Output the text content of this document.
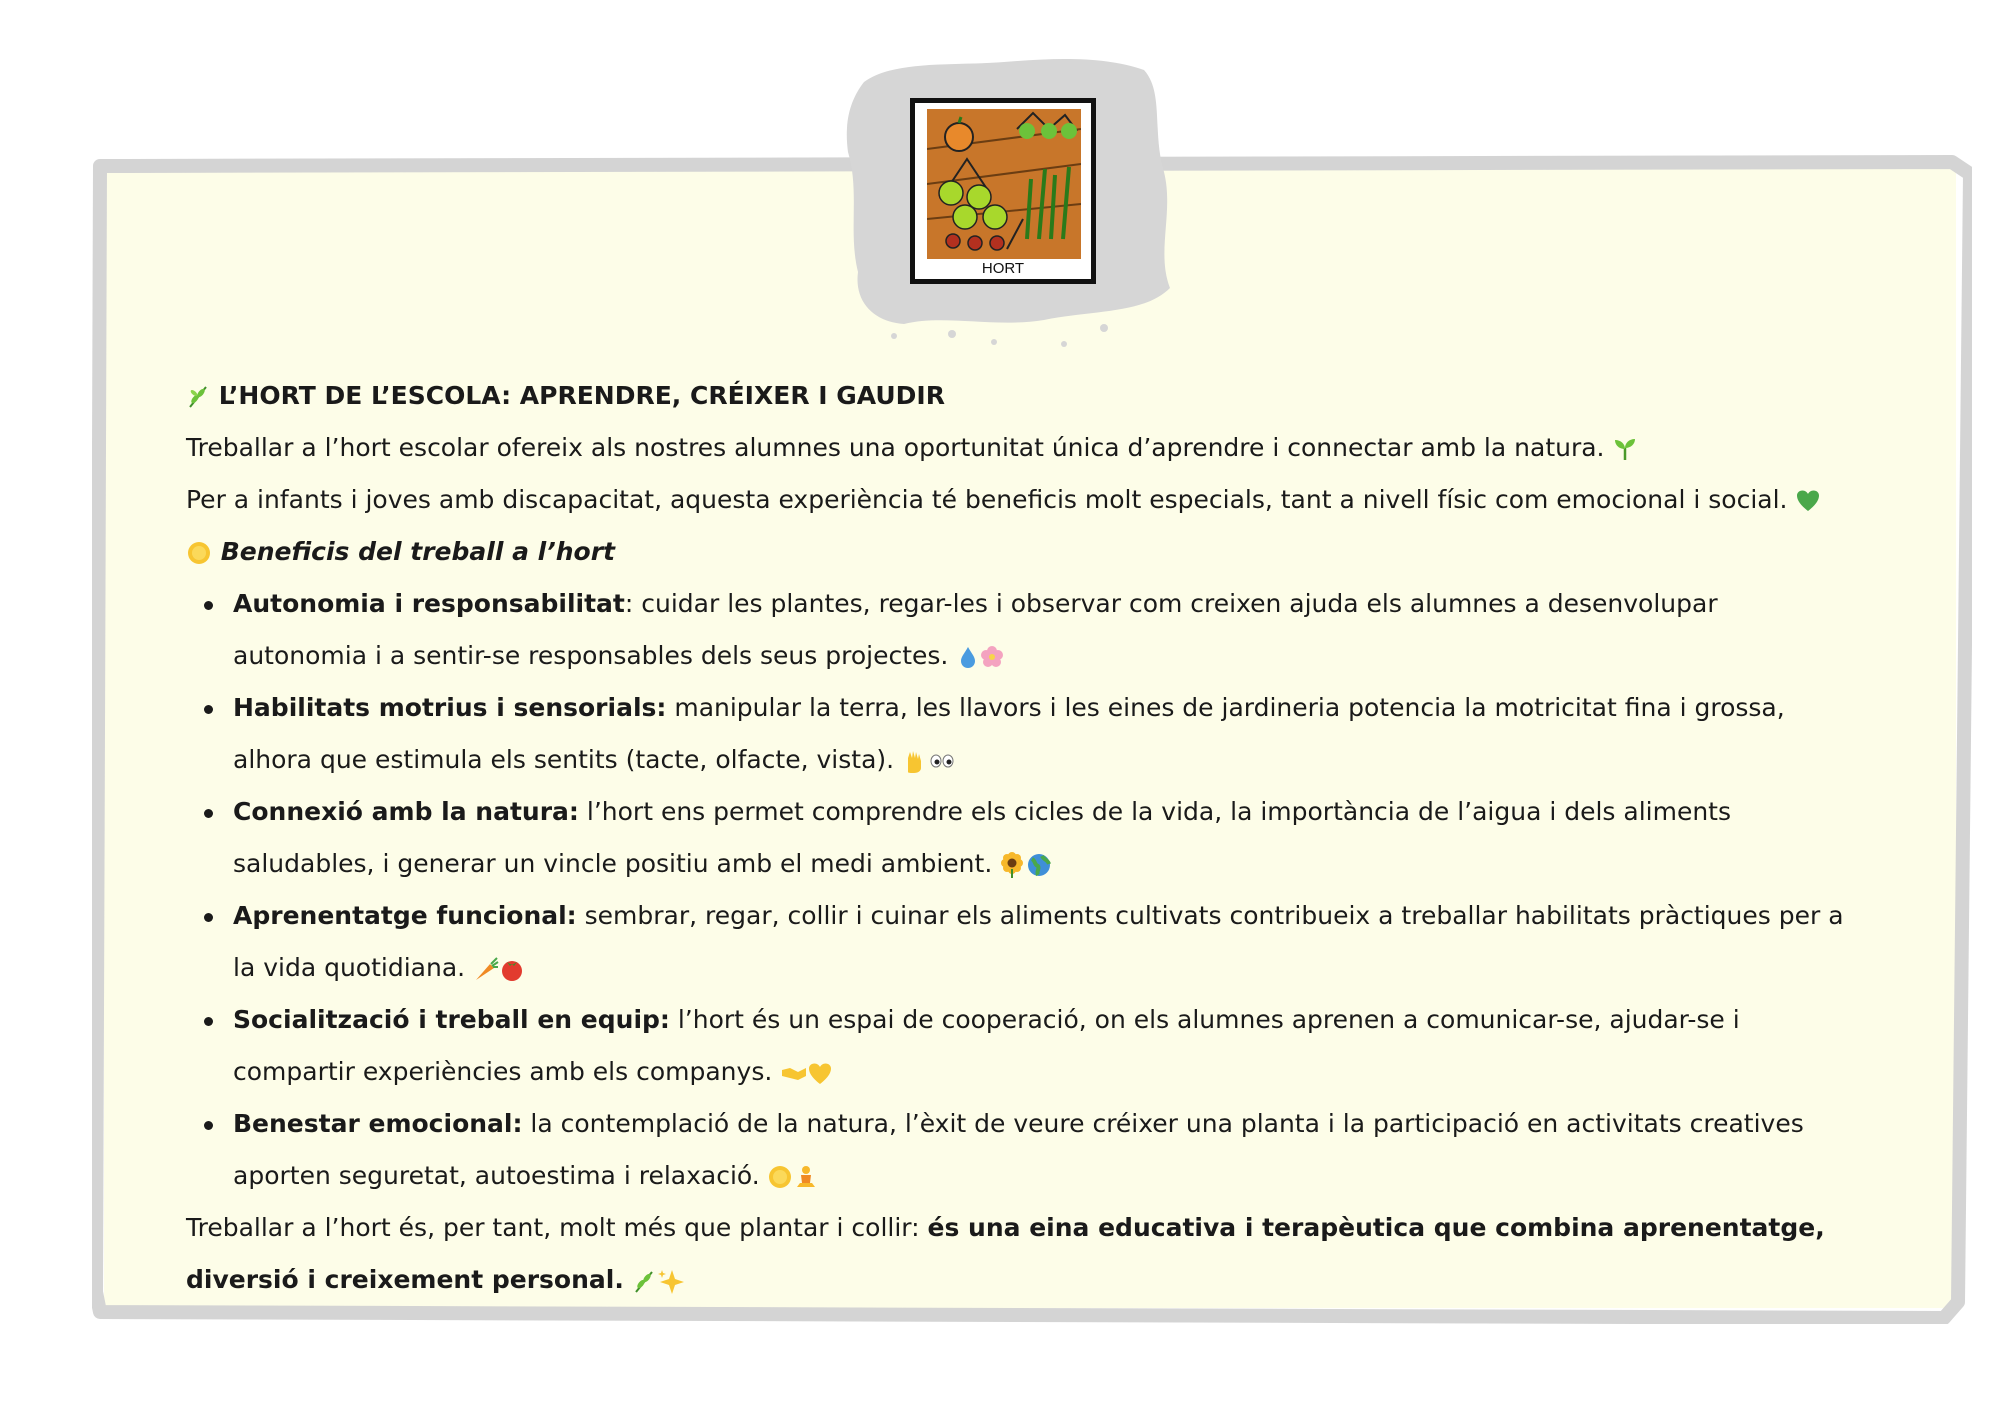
HORT
L’HORT DE L’ESCOLA: APRENDRE, CRÉIXER I GAUDIR
Treballar a l’hort escolar ofereix als nostres alumnes una oportunitat única d’aprendre i connectar amb la natura.
Per a infants i joves amb discapacitat, aquesta experiència té beneficis molt especials, tant a nivell físic com emocional i social.
Beneficis del treball a l’hort
Autonomia i responsabilitat: cuidar les plantes, regar-les i observar com creixen ajuda els alumnes a desenvolupar
autonomia i a sentir-se responsables dels seus projectes.
Habilitats motrius i sensorials: manipular la terra, les llavors i les eines de jardineria potencia la motricitat fina i grossa,
alhora que estimula els sentits (tacte, olfacte, vista).
Connexió amb la natura: l’hort ens permet comprendre els cicles de la vida, la importància de l’aigua i dels aliments
saludables, i generar un vincle positiu amb el medi ambient.
Aprenentatge funcional: sembrar, regar, collir i cuinar els aliments cultivats contribueix a treballar habilitats pràctiques per a
la vida quotidiana.
Socialització i treball en equip: l’hort és un espai de cooperació, on els alumnes aprenen a comunicar-se, ajudar-se i
compartir experiències amb els companys.
Benestar emocional: la contemplació de la natura, l’èxit de veure créixer una planta i la participació en activitats creatives
aporten seguretat, autoestima i relaxació.
Treballar a l’hort és, per tant, molt més que plantar i collir: és una eina educativa i terapèutica que combina aprenentatge,
diversió i creixement personal.
